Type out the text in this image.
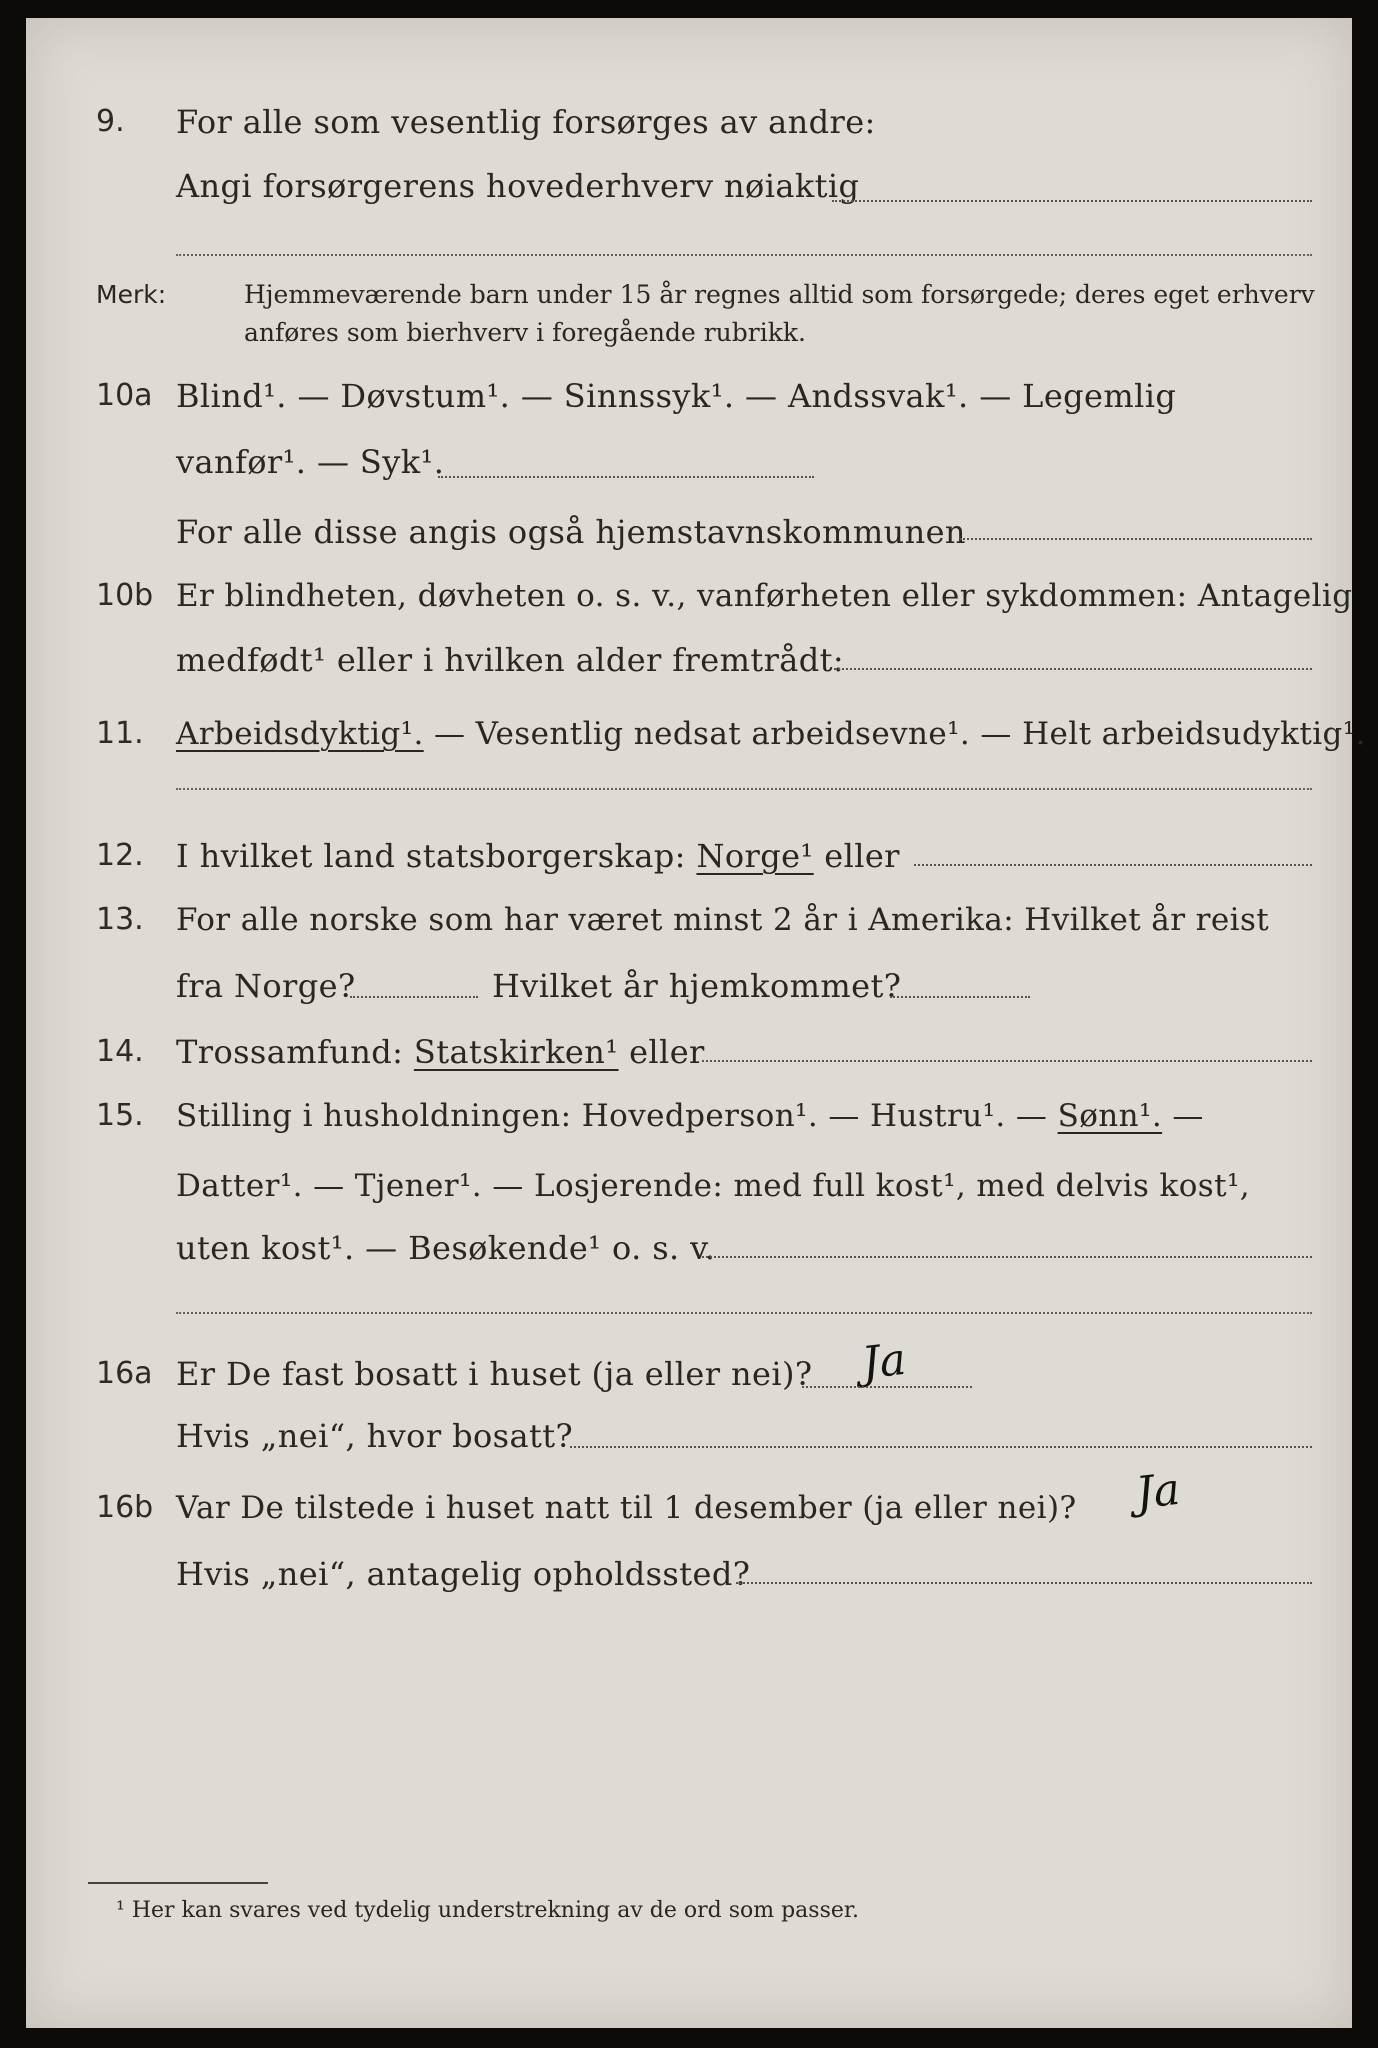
9. For alle som vesentlig forsørges av andre:
Angi forsørgerens hovederhverv nøiaktig
Merk:	Hjemmeværende barn under 15 år regnes alltid som forsørgede; deres eget erhverv anføres som bierhverv i foregående rubrikk.
10a Blind¹. — Døvstum¹. — Sinnssyk¹. — Andssvak¹. — Legemlig
vanfør¹. — Syk¹.
For alle disse angis også hjemstavnskommunen
10b Er blindheten, døvheten o. s. v., vanførheten eller sykdommen: Antagelig
medfødt¹ eller i hvilken alder fremtrådt:
11. Arbeidsdyktig¹. — Vesentlig nedsat arbeidsevne¹. — Helt arbeidsudyktig¹.
12. I hvilket land statsborgerskap: Norge¹ eller
13. For alle norske som har været minst 2 år i Amerika: Hvilket år reist
fra Norge?	Hvilket år hjemkommet?
14. Trossamfund: Statskirken¹ eller
15. Stilling i husholdningen: Hovedperson¹. — Hustru¹. — Sønn¹. —
Datter¹. — Tjener¹. — Losjerende: med full kost¹, med delvis kost¹,
uten kost¹. — Besøkende¹ o. s. v.
16a Er De fast bosatt i huset (ja eller nei)? Ja
Hvis „nei“, hvor bosatt?
16b Var De tilstede i huset natt til 1 desember (ja eller nei)? Ja
Hvis „nei“, antagelig opholdssted?
¹ Her kan svares ved tydelig understrekning av de ord som passer.
